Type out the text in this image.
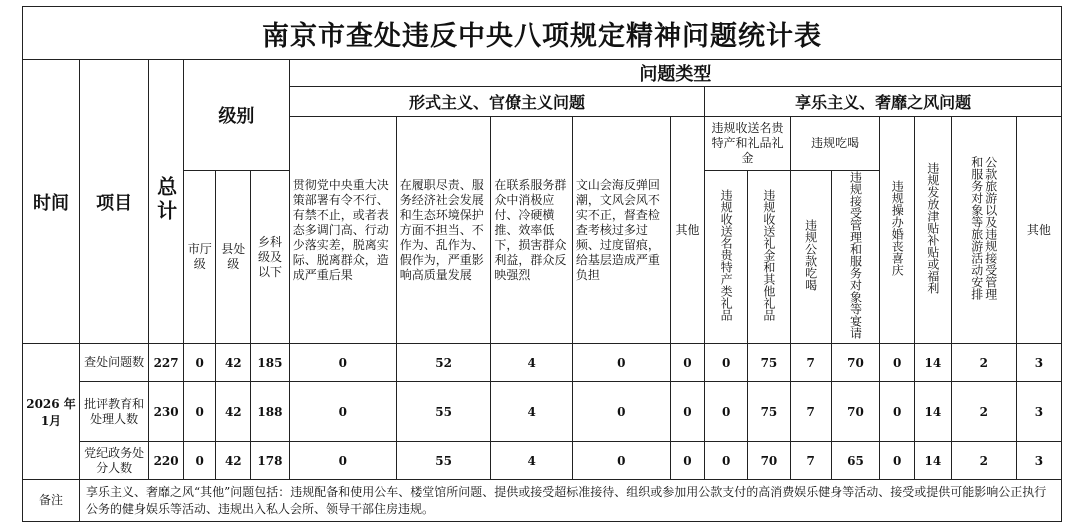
南京市查处违反中央八项规定精神问题统计表																		
时间	项目	总计	级别			问题类型												
						形式主义、官僚主义问题					享乐主义、奢靡之风问题							
						贯彻党中央重大决策部署有令不行、有禁不止，或者表态多调门高、行动少落实差，脱离实际、脱离群众，造成严重后果	在履职尽责、服务经济社会发展和生态环境保护方面不担当、不作为、乱作为、假作为，严重影响高质量发展	在联系服务群众中消极应付、冷硬横推、效率低下，损害群众利益，群众反映强烈	文山会海反弹回潮，文风会风不实不正，督查检查考核过多过频、过度留痕，给基层造成严重负担	其他	违规收送名贵特产和礼品礼金		违规吃喝		违规操办婚丧喜庆	违规发放津贴补贴或福利	公款旅游以及违规接受管理和服务对象等旅游活动安排	其他
			市厅级	县处级	乡科级及以下						违规收送名贵特产类礼品	违规收送礼金和其他礼品	违规公款吃喝	违规接受管理和服务对象等宴请				

2026 年1月	查处问题数	227	0	42	185	0	52	4	0	0	0	75	7	70	0	14	2	3
	批评教育和处理人数	230	0	42	188	0	55	4	0	0	0	75	7	70	0	14	2	3
	党纪政务处分人数	220	0	42	178	0	55	4	0	0	0	70	7	65	0	14	2	3
备注	享乐主义、奢靡之风“其他”问题包括：违规配备和使用公车、楼堂馆所问题、提供或接受超标准接待、组织或参加用公款支付的高消费娱乐健身等活动、接受或提供可能影响公正执行公务的健身娱乐等活动、违规出入私人会所、领导干部住房违规。																	
